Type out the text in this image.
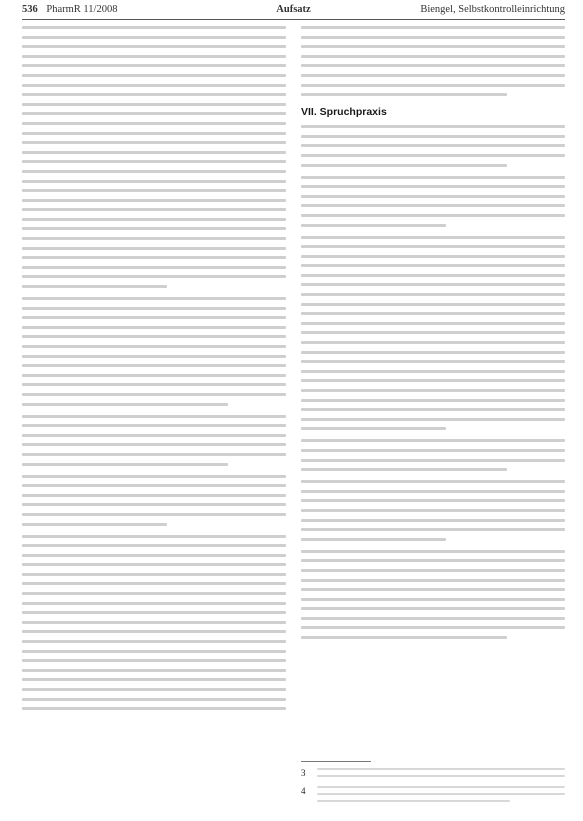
536 PharmR 11/2008	Aufsatz	Biengel, Selbstkontrolleinrichtung
VII. Spruchpraxis
3
4
